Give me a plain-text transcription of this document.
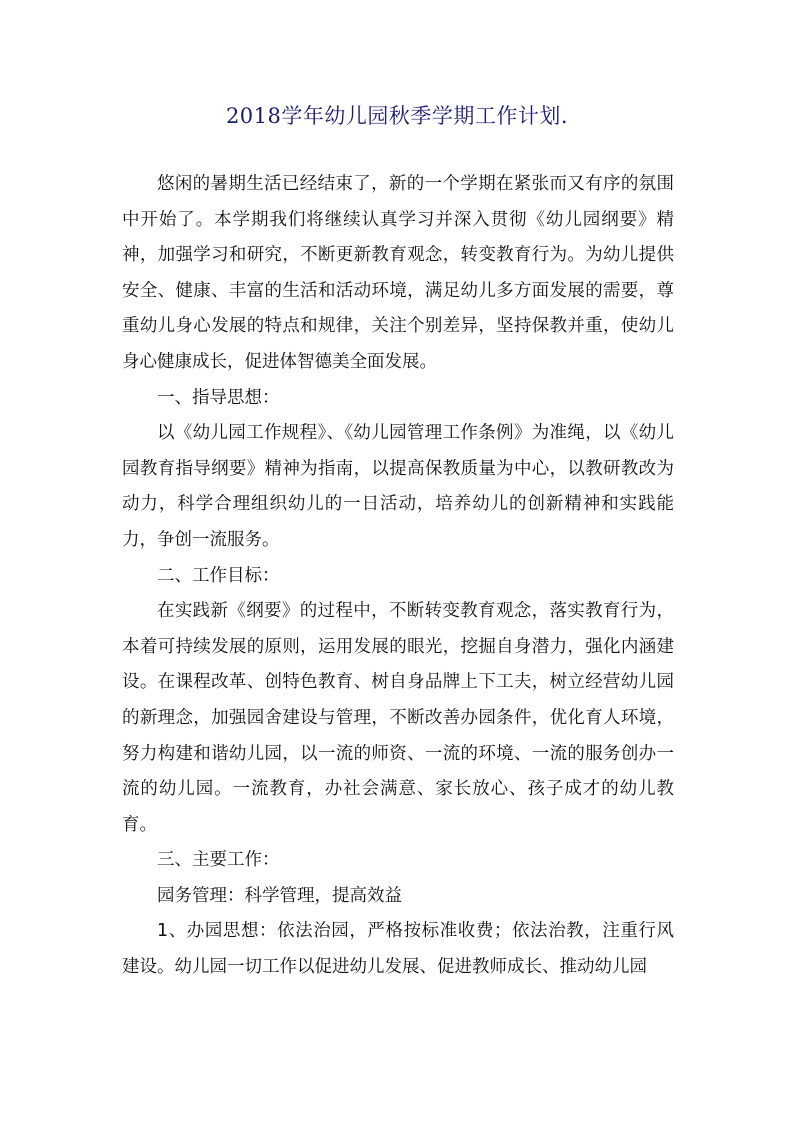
2018学年幼儿园秋季学期工作计划.

悠闲的暑期生活已经结束了，新的一个学期在紧张而又有序的氛围中开始了。本学期我们将继续认真学习并深入贯彻《幼儿园纲要》精神，加强学习和研究，不断更新教育观念，转变教育行为。为幼儿提供安全、健康、丰富的生活和活动环境，满足幼儿多方面发展的需要，尊重幼儿身心发展的特点和规律，关注个别差异，坚持保教并重，使幼儿身心健康成长，促进体智德美全面发展。

一、指导思想：

以《幼儿园工作规程》、《幼儿园管理工作条例》为准绳，以《幼儿园教育指导纲要》精神为指南，以提高保教质量为中心，以教研教改为动力，科学合理组织幼儿的一日活动，培养幼儿的创新精神和实践能力，争创一流服务。

二、工作目标：

在实践新《纲要》的过程中，不断转变教育观念，落实教育行为，本着可持续发展的原则，运用发展的眼光，挖掘自身潜力，强化内涵建设。在课程改革、创特色教育、树自身品牌上下工夫，树立经营幼儿园的新理念，加强园舍建设与管理，不断改善办园条件，优化育人环境，努力构建和谐幼儿园，以一流的师资、一流的环境、一流的服务创办一流的幼儿园。一流教育，办社会满意、家长放心、孩子成才的幼儿教育。

三、主要工作：

园务管理：科学管理，提高效益

1、办园思想：依法治园，严格按标准收费；依法治教，注重行风建设。幼儿园一切工作以促进幼儿发展、促进教师成长、推动幼儿园
